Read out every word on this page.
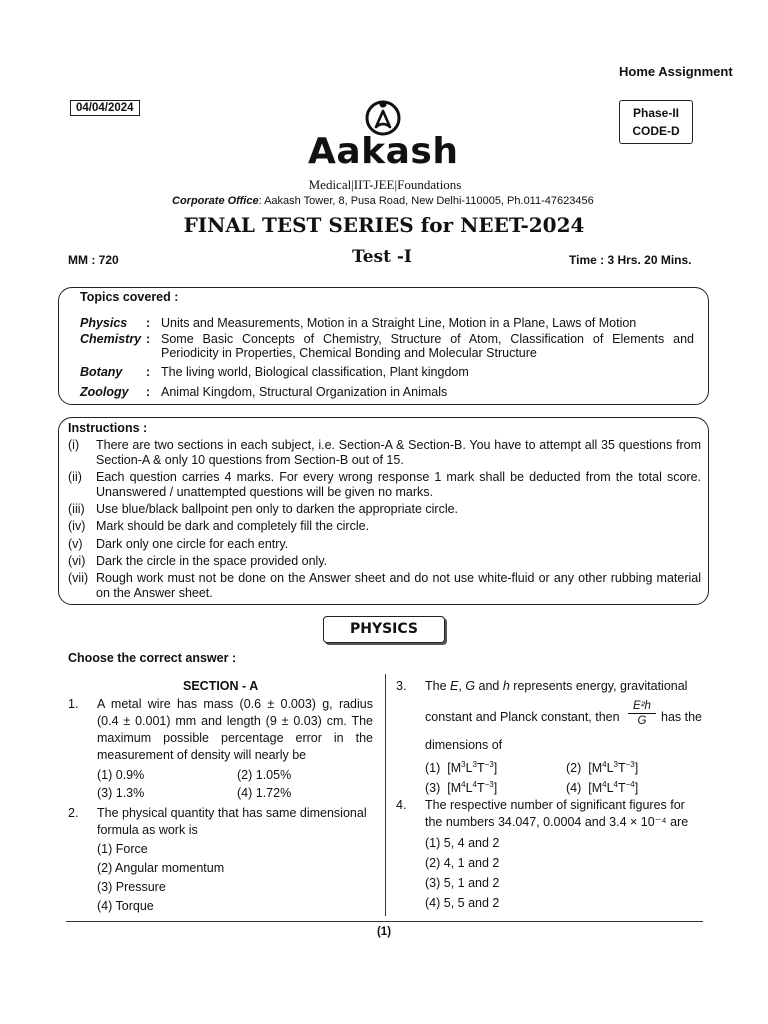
Home Assignment
04/04/2024	Phase-II
CODE-D
Aakash
Medical|IIT-JEE|Foundations
Corporate Office: Aakash Tower, 8, Pusa Road, New Delhi-110005, Ph.011-47623456
FINAL TEST SERIES for NEET-2024
MM : 720	Test -I	Time : 3 Hrs. 20 Mins.
Topics covered :
Physics : Units and Measurements, Motion in a Straight Line, Motion in a Plane, Laws of Motion
Chemistry : Some Basic Concepts of Chemistry, Structure of Atom, Classification of Elements and
Periodicity in Properties, Chemical Bonding and Molecular Structure
Botany : The living world, Biological classification, Plant kingdom
Zoology : Animal Kingdom, Structural Organization in Animals
Instructions :
(i) There are two sections in each subject, i.e. Section-A & Section-B. You have to attempt all 35 questions from
Section-A & only 10 questions from Section-B out of 15.
(ii) Each question carries 4 marks. For every wrong response 1 mark shall be deducted from the total score.
Unanswered / unattempted questions will be given no marks.
(iii) Use blue/black ballpoint pen only to darken the appropriate circle.
(iv) Mark should be dark and completely fill the circle.
(v) Dark only one circle for each entry.
(vi) Dark the circle in the space provided only.
(vii) Rough work must not be done on the Answer sheet and do not use white-fluid or any other rubbing material
on the Answer sheet.
PHYSICS
Choose the correct answer :
SECTION - A
1. A metal wire has mass (0.6 ± 0.003) g, radius
(0.4 ± 0.001) mm and length (9 ± 0.03) cm. The
maximum possible percentage error in the
measurement of density will nearly be
(1) 0.9%	(2) 1.05%
(3) 1.3%	(4) 1.72%
2. The physical quantity that has same dimensional
formula as work is
(1) Force
(2) Angular momentum
(3) Pressure
(4) Torque
3. The E, G and h represents energy, gravitational
constant and Planck constant, then $\frac{\text{E²h}}{G}$ has the
dimensions of
(1)  $[M^3L^3T^{-3}]$	(2)  $[M^4L^3T^{-3}]$
(3)  $[M^4L^4T^{-3}]$	(4)  $[M^4L^4T^{-4}]$
4. The respective number of significant figures for
the numbers 34.047, 0.0004 and 3.4 × 10⁻⁴ are
(1) 5, 4 and 2
(2) 4, 1 and 2
(3) 5, 1 and 2
(4) 5, 5 and 2
(1)
